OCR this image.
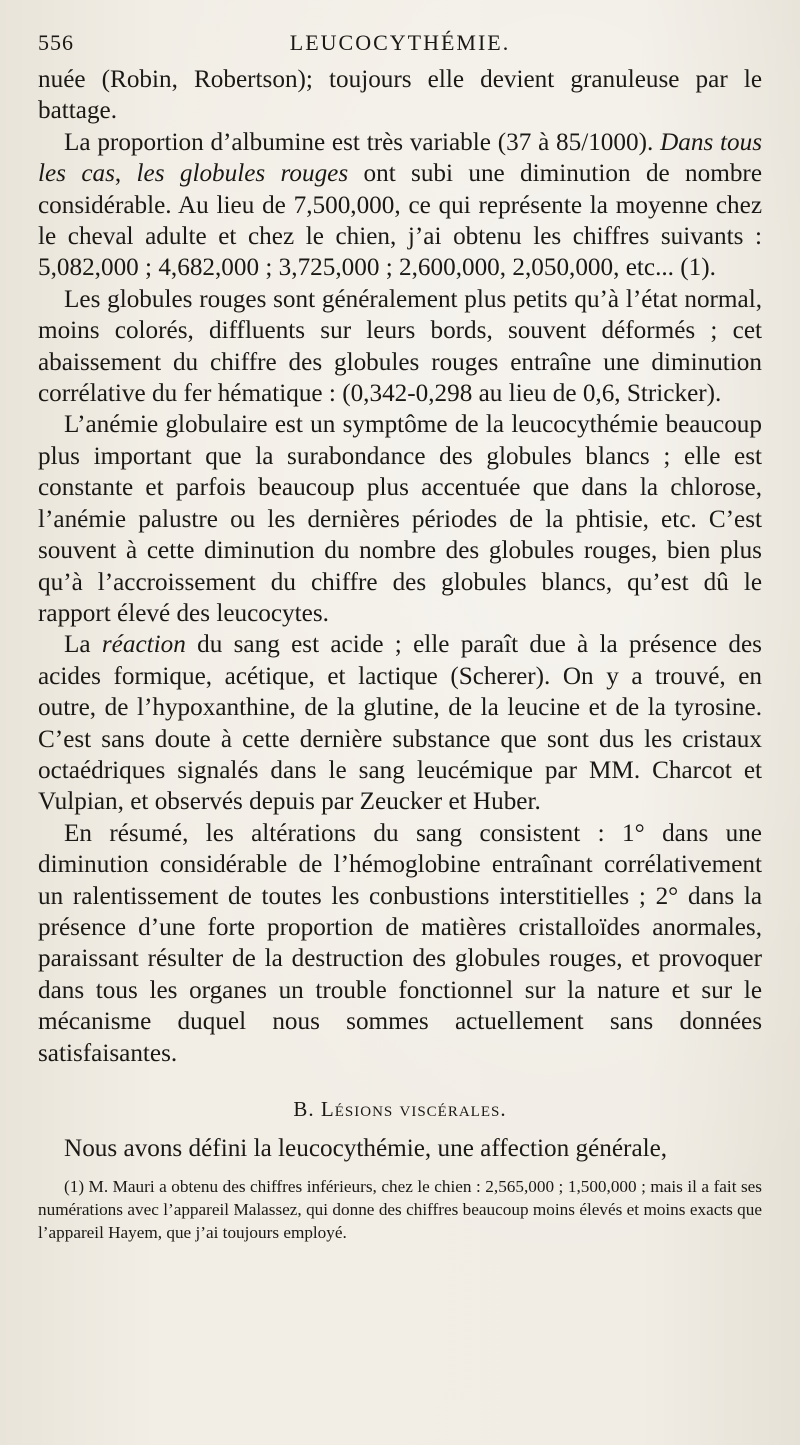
556	LEUCOCYTHÉMIE.

nuée (Robin, Robertson); toujours elle devient granuleuse par le battage.

La proportion d’albumine est très variable (37 à 85/1000). Dans tous les cas, les globules rouges ont subi une diminution de nombre considérable. Au lieu de 7,500,000, ce qui représente la moyenne chez le cheval adulte et chez le chien, j’ai obtenu les chiffres suivants : 5,082,000 ; 4,682,000 ; 3,725,000 ; 2,600,000, 2,050,000, etc... (1).

Les globules rouges sont généralement plus petits qu’à l’état normal, moins colorés, diffluents sur leurs bords, souvent déformés ; cet abaissement du chiffre des globules rouges entraîne une diminution corrélative du fer hématique : (0,342-0,298 au lieu de 0,6, Stricker).

L’anémie globulaire est un symptôme de la leucocythémie beaucoup plus important que la surabondance des globules blancs ; elle est constante et parfois beaucoup plus accentuée que dans la chlorose, l’anémie palustre ou les dernières périodes de la phtisie, etc. C’est souvent à cette diminution du nombre des globules rouges, bien plus qu’à l’accroissement du chiffre des globules blancs, qu’est dû le rapport élevé des leucocytes.

La réaction du sang est acide ; elle paraît due à la présence des acides formique, acétique, et lactique (Scherer). On y a trouvé, en outre, de l’hypoxanthine, de la glutine, de la leucine et de la tyrosine. C’est sans doute à cette dernière substance que sont dus les cristaux octaédriques signalés dans le sang leucémique par MM. Charcot et Vulpian, et observés depuis par Zeucker et Huber.

En résumé, les altérations du sang consistent : 1° dans une diminution considérable de l’hémoglobine entraînant corrélativement un ralentissement de toutes les conbustions interstitielles ; 2° dans la présence d’une forte proportion de matières cristalloïdes anormales, paraissant résulter de la destruction des globules rouges, et provoquer dans tous les organes un trouble fonctionnel sur la nature et sur le mécanisme duquel nous sommes actuellement sans données satisfaisantes.

B. Lésions viscérales.

Nous avons défini la leucocythémie, une affection générale,

(1) M. Mauri a obtenu des chiffres inférieurs, chez le chien : 2,565,000 ; 1,500,000 ; mais il a fait ses numérations avec l’appareil Malassez, qui donne des chiffres beaucoup moins élevés et moins exacts que l’appareil Hayem, que j’ai toujours employé.
